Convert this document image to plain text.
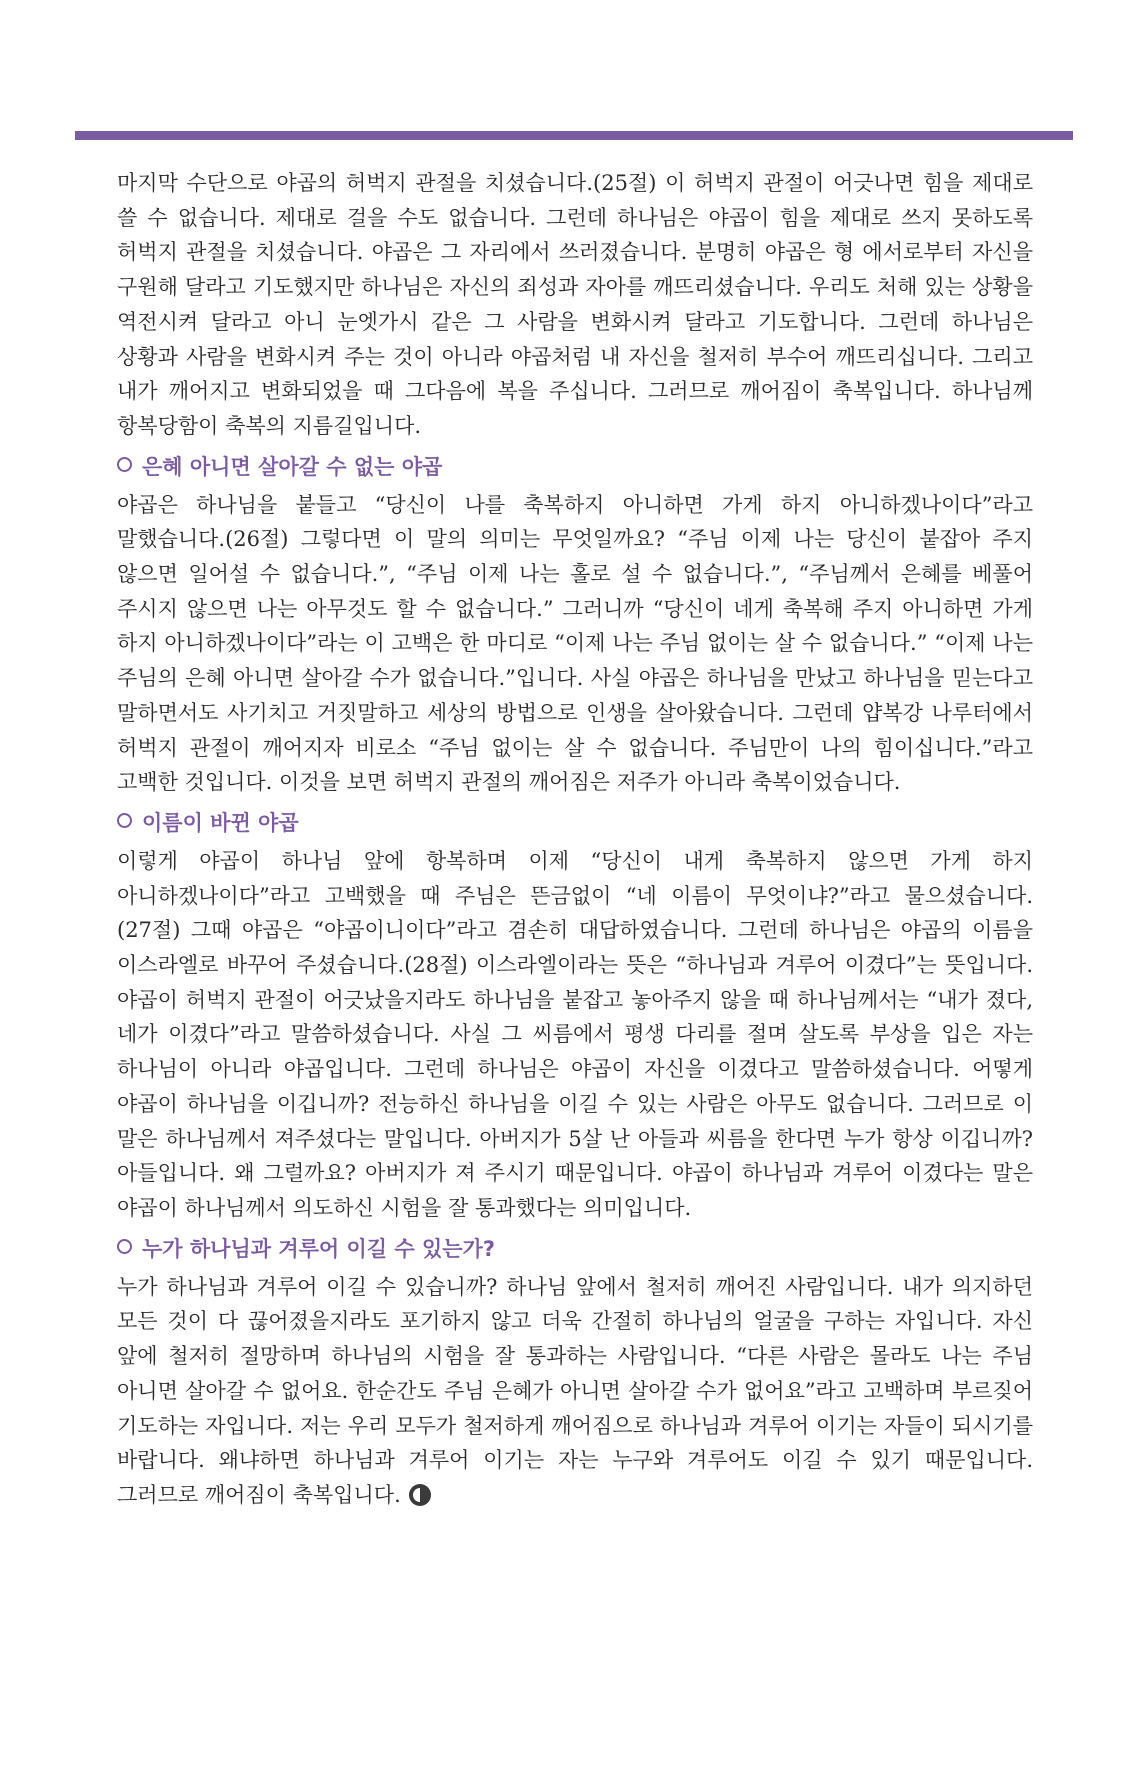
마지막 수단으로 야곱의 허벅지 관절을 치셨습니다.(25절) 이 허벅지 관절이 어긋나면 힘을 제대로 쓸 수 없습니다. 제대로 걸을 수도 없습니다. 그런데 하나님은 야곱이 힘을 제대로 쓰지 못하도록 허벅지 관절을 치셨습니다. 야곱은 그 자리에서 쓰러졌습니다. 분명히 야곱은 형 에서로부터 자신을 구원해 달라고 기도했지만 하나님은 자신의 죄성과 자아를 깨뜨리셨습니다. 우리도 처해 있는 상황을 역전시켜 달라고 아니 눈엣가시 같은 그 사람을 변화시켜 달라고 기도합니다. 그런데 하나님은 상황과 사람을 변화시켜 주는 것이 아니라 야곱처럼 내 자신을 철저히 부수어 깨뜨리십니다. 그리고 내가 깨어지고 변화되었을 때 그다음에 복을 주십니다. 그러므로 깨어짐이 축복입니다. 하나님께 항복당함이 축복의 지름길입니다.

은혜 아니면 살아갈 수 없는 야곱

야곱은 하나님을 붙들고 “당신이 나를 축복하지 아니하면 가게 하지 아니하겠나이다”라고 말했습니다.(26절) 그렇다면 이 말의 의미는 무엇일까요? “주님 이제 나는 당신이 붙잡아 주지 않으면 일어설 수 없습니다.”, “주님 이제 나는 홀로 설 수 없습니다.”, “주님께서 은혜를 베풀어 주시지 않으면 나는 아무것도 할 수 없습니다.” 그러니까 “당신이 네게 축복해 주지 아니하면 가게 하지 아니하겠나이다”라는 이 고백은 한 마디로 “이제 나는 주님 없이는 살 수 없습니다.” “이제 나는 주님의 은혜 아니면 살아갈 수가 없습니다.”입니다. 사실 야곱은 하나님을 만났고 하나님을 믿는다고 말하면서도 사기치고 거짓말하고 세상의 방법으로 인생을 살아왔습니다. 그런데 얍복강 나루터에서 허벅지 관절이 깨어지자 비로소 “주님 없이는 살 수 없습니다. 주님만이 나의 힘이십니다.”라고 고백한 것입니다. 이것을 보면 허벅지 관절의 깨어짐은 저주가 아니라 축복이었습니다.

이름이 바뀐 야곱

이렇게 야곱이 하나님 앞에 항복하며 이제 “당신이 내게 축복하지 않으면 가게 하지 아니하겠나이다”라고 고백했을 때 주님은 뜬금없이 “네 이름이 무엇이냐?”라고 물으셨습니다. (27절) 그때 야곱은 “야곱이니이다”라고 겸손히 대답하였습니다. 그런데 하나님은 야곱의 이름을 이스라엘로 바꾸어 주셨습니다.(28절) 이스라엘이라는 뜻은 “하나님과 겨루어 이겼다”는 뜻입니다. 야곱이 허벅지 관절이 어긋났을지라도 하나님을 붙잡고 놓아주지 않을 때 하나님께서는 “내가 졌다, 네가 이겼다”라고 말씀하셨습니다. 사실 그 씨름에서 평생 다리를 절며 살도록 부상을 입은 자는 하나님이 아니라 야곱입니다. 그런데 하나님은 야곱이 자신을 이겼다고 말씀하셨습니다. 어떻게 야곱이 하나님을 이깁니까? 전능하신 하나님을 이길 수 있는 사람은 아무도 없습니다. 그러므로 이 말은 하나님께서 져주셨다는 말입니다. 아버지가 5살 난 아들과 씨름을 한다면 누가 항상 이깁니까? 아들입니다. 왜 그럴까요? 아버지가 져 주시기 때문입니다. 야곱이 하나님과 겨루어 이겼다는 말은 야곱이 하나님께서 의도하신 시험을 잘 통과했다는 의미입니다.

누가 하나님과 겨루어 이길 수 있는가?

누가 하나님과 겨루어 이길 수 있습니까? 하나님 앞에서 철저히 깨어진 사람입니다. 내가 의지하던 모든 것이 다 끊어졌을지라도 포기하지 않고 더욱 간절히 하나님의 얼굴을 구하는 자입니다. 자신 앞에 철저히 절망하며 하나님의 시험을 잘 통과하는 사람입니다. “다른 사람은 몰라도 나는 주님 아니면 살아갈 수 없어요. 한순간도 주님 은혜가 아니면 살아갈 수가 없어요”라고 고백하며 부르짖어 기도하는 자입니다. 저는 우리 모두가 철저하게 깨어짐으로 하나님과 겨루어 이기는 자들이 되시기를 바랍니다. 왜냐하면 하나님과 겨루어 이기는 자는 누구와 겨루어도 이길 수 있기 때문입니다. 그러므로 깨어짐이 축복입니다.
